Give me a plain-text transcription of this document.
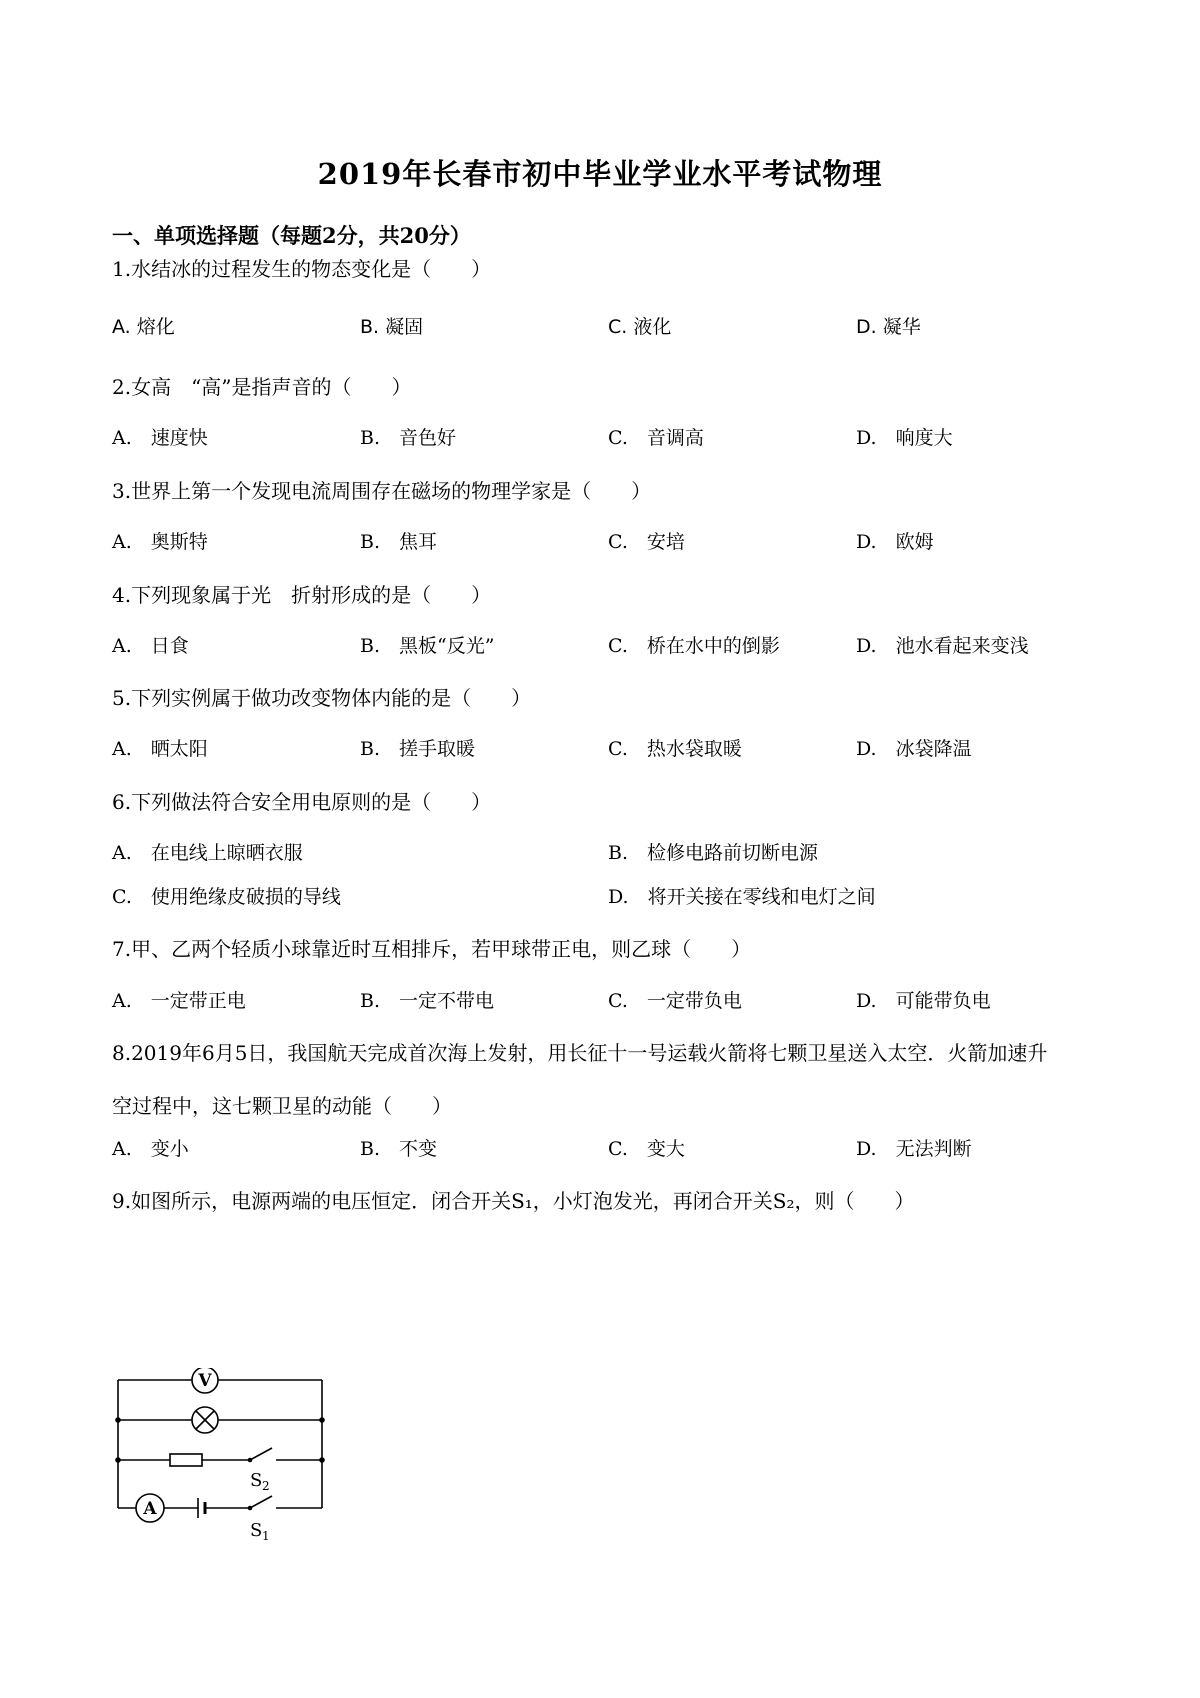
2019年长春市初中毕业学业水平考试物理
一、单项选择题（每题2分，共20分）
1.水结冰的过程发生的物态变化是（　　）
A. 熔化	B. 凝固	C. 液化	D. 凝华
2.女高　“高”是指声音的（　　）
A.　速度快	B.　音色好	C.　音调高	D.　响度大
3.世界上第一个发现电流周围存在磁场的物理学家是（　　）
A.　奥斯特	B.　焦耳	C.　安培	D.　欧姆
4.下列现象属于光　折射形成的是（　　）
A.　日食	B.　黑板“反光”	C.　桥在水中的倒影	D.　池水看起来变浅
5.下列实例属于做功改变物体内能的是（　　）
A.　晒太阳	B.　搓手取暖	C.　热水袋取暖	D.　冰袋降温
6.下列做法符合安全用电原则的是（　　）
A.　在电线上晾晒衣服	B.　检修电路前切断电源
C.　使用绝缘皮破损的导线	D.　将开关接在零线和电灯之间
7.甲、乙两个轻质小球靠近时互相排斥，若甲球带正电，则乙球（　　）
A.　一定带正电	B.　一定不带电	C.　一定带负电	D.　可能带负电
8.2019年6月5日，我国航天完成首次海上发射，用长征十一号运载火箭将七颗卫星送入太空．火箭加速升
空过程中，这七颗卫星的动能（　　）
A.　变小	B.　不变	C.　变大	D.　无法判断
9.如图所示，电源两端的电压恒定．闭合开关S₁，小灯泡发光，再闭合开关S₂，则（　　）
V
A
S 2
S 1
